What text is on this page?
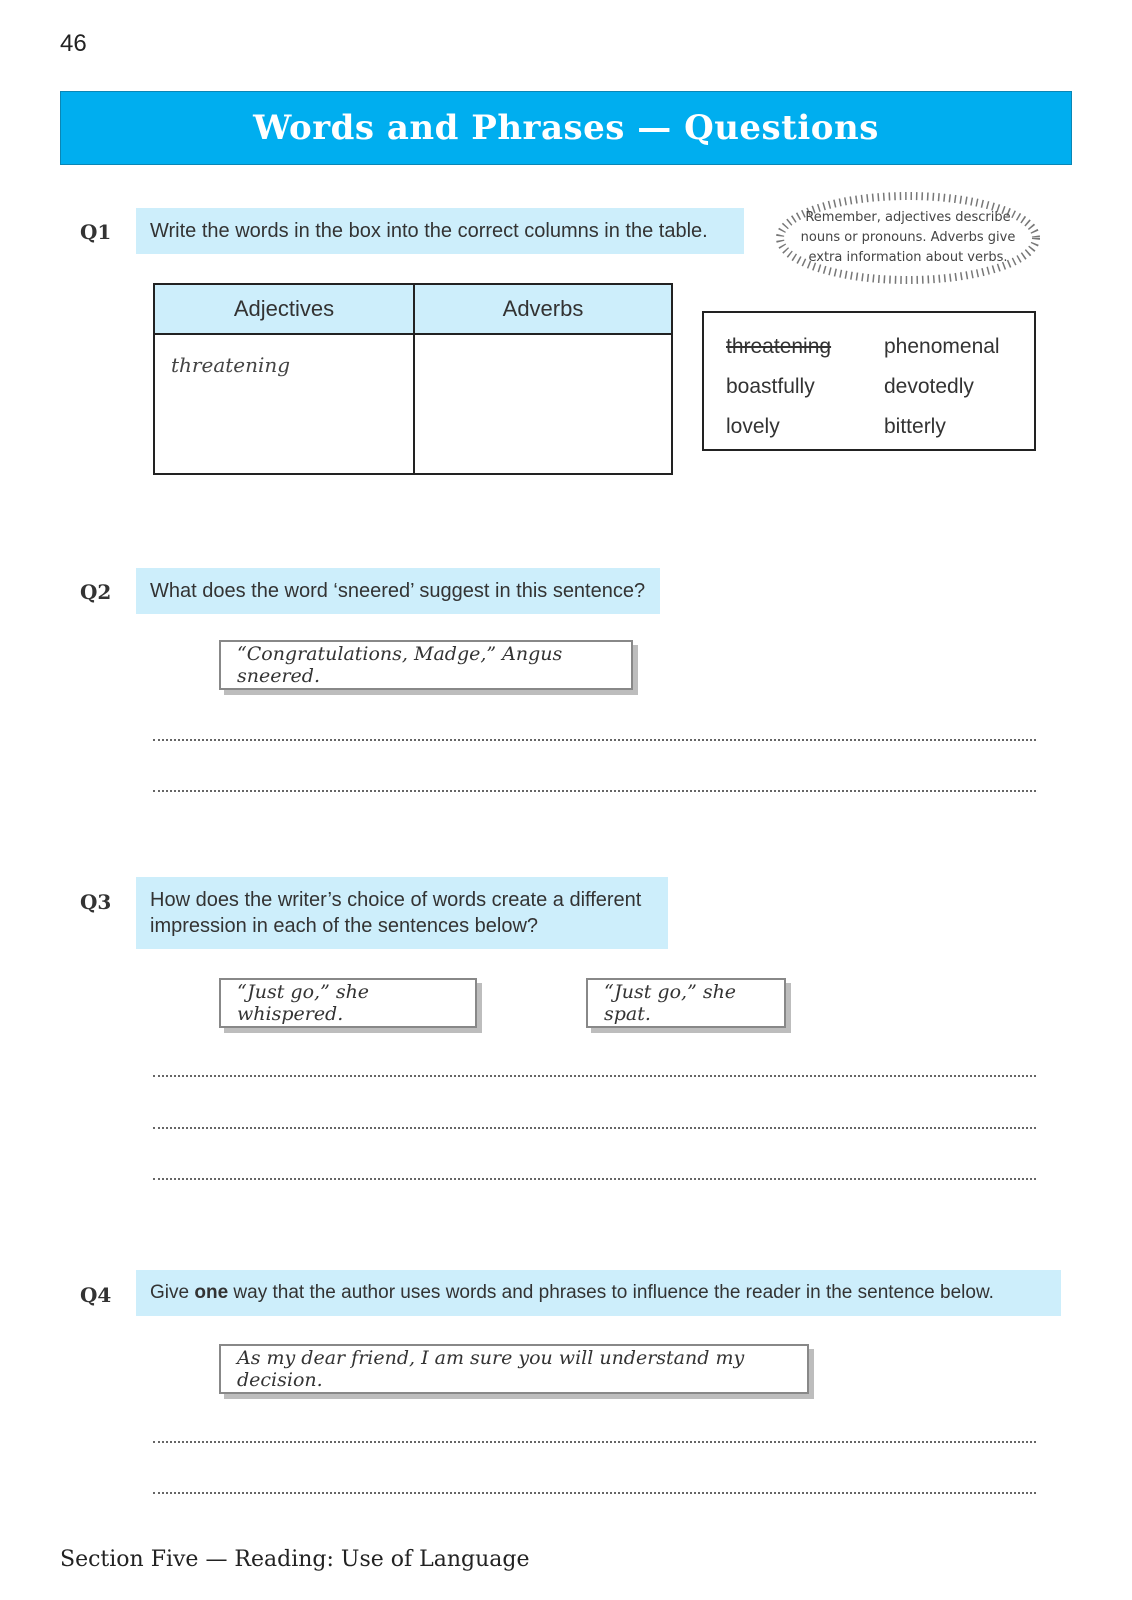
46
Words and Phrases — Questions
Q1	Write the words in the box into the correct columns in the table.
Remember, adjectives describe
nouns or pronouns. Adverbs give
extra information about verbs.
Adjectives	Adverbs
threatening
threatening	phenomenal
boastfully	devotedly
lovely	bitterly
Q2	What does the word ‘sneered’ suggest in this sentence?
“Congratulations, Madge,” Angus sneered.
Q3 How does the writer’s choice of words create a different
impression in each of the sentences below?
“Just go,” she whispered.
“Just go,” she spat.
Q4	Give one way that the author uses words and phrases to influence the reader in the sentence below.
As my dear friend, I am sure you will understand my decision.
Section Five — Reading: Use of Language
